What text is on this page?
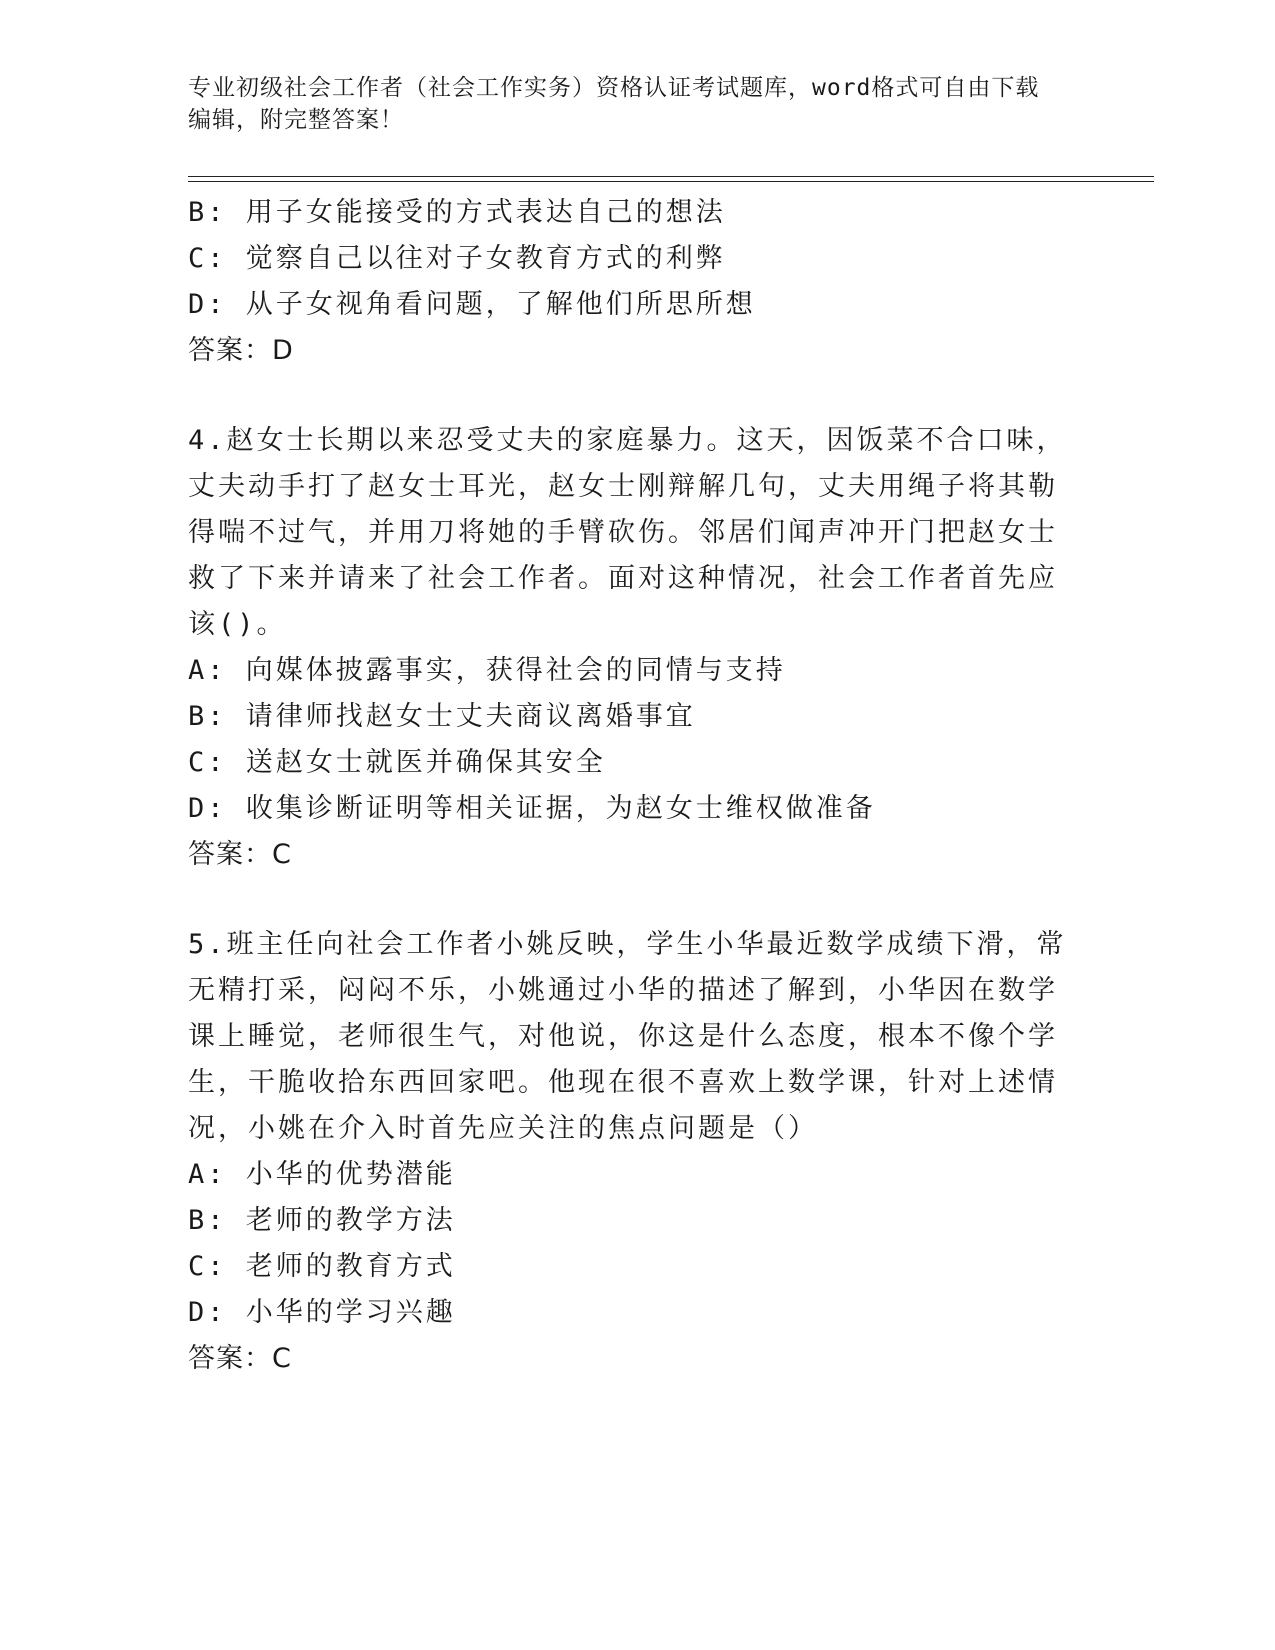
专业初级社会工作者（社会工作实务）资格认证考试题库，word格式可自由下载
编辑，附完整答案！
B: 用子女能接受的方式表达自己的想法
C: 觉察自己以往对子女教育方式的利弊
D: 从子女视角看问题，了解他们所思所想
答案：D
4.赵女士长期以来忍受丈夫的家庭暴力。这天，因饭菜不合口味，丈夫动手打了赵女士耳光，赵女士刚辩解几句，丈夫用绳子将其勒得喘不过气，并用刀将她的手臂砍伤。邻居们闻声冲开门把赵女士救了下来并请来了社会工作者。面对这种情况，社会工作者首先应该()。
A: 向媒体披露事实，获得社会的同情与支持
B: 请律师找赵女士丈夫商议离婚事宜
C: 送赵女士就医并确保其安全
D: 收集诊断证明等相关证据，为赵女士维权做准备
答案：C
5.班主任向社会工作者小姚反映，学生小华最近数学成绩下滑，常无精打采，闷闷不乐，小姚通过小华的描述了解到，小华因在数学课上睡觉，老师很生气，对他说，你这是什么态度，根本不像个学生，干脆收拾东西回家吧。他现在很不喜欢上数学课，针对上述情况，小姚在介入时首先应关注的焦点问题是（）
A: 小华的优势潜能
B: 老师的教学方法
C: 老师的教育方式
D: 小华的学习兴趣
答案：C
